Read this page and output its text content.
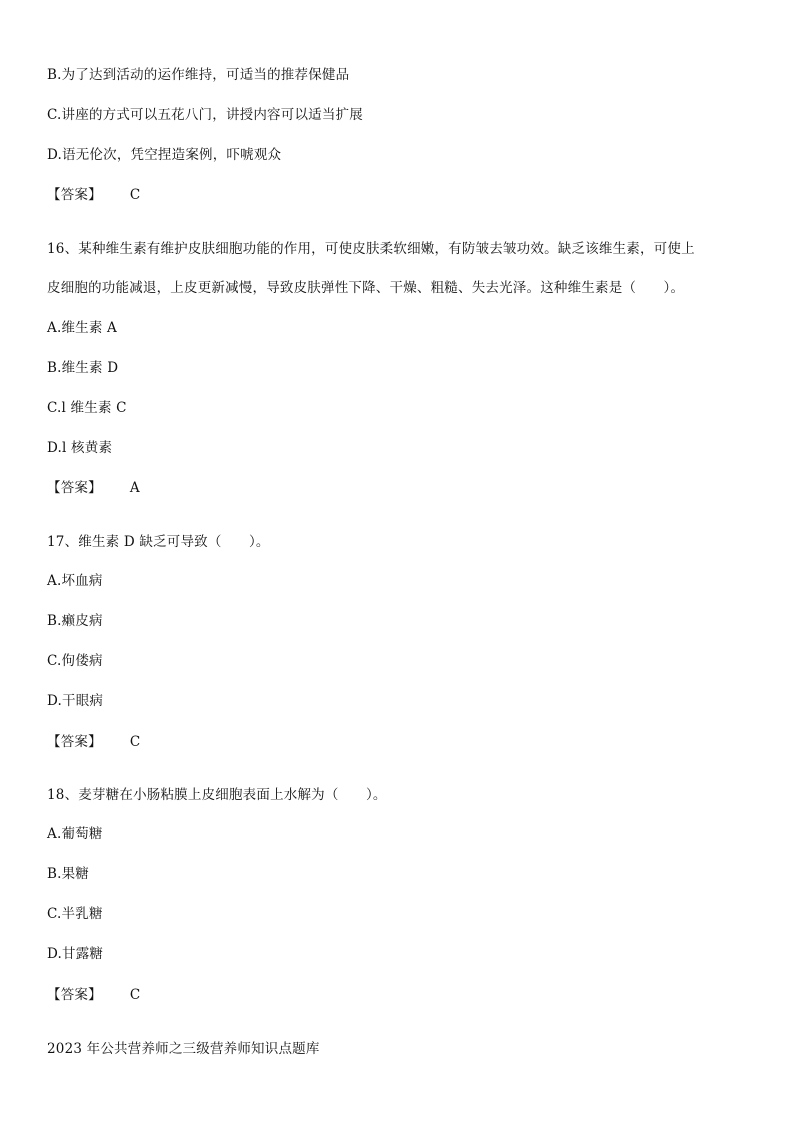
B.为了达到活动的运作维持，可适当的推荐保健品
C.讲座的方式可以五花八门，讲授内容可以适当扩展
D.语无伦次，凭空捏造案例，吓唬观众
【答案】 C
16、某种维生素有维护皮肤细胞功能的作用，可使皮肤柔软细嫩，有防皱去皱功效。缺乏该维生素，可使上
皮细胞的功能减退，上皮更新减慢，导致皮肤弹性下降、干燥、粗糙、失去光泽。这种维生素是（　　）。
A.维生素 A
B.维生素 D
C.l 维生素 C
D.l 核黄素
【答案】 A
17、维生素 D 缺乏可导致（　　）。
A.坏血病
B.癞皮病
C.佝偻病
D.干眼病
【答案】 C
18、麦芽糖在小肠粘膜上皮细胞表面上水解为（　　）。
A.葡萄糖
B.果糖
C.半乳糖
D.甘露糖
【答案】 C
2023 年公共营养师之三级营养师知识点题库
